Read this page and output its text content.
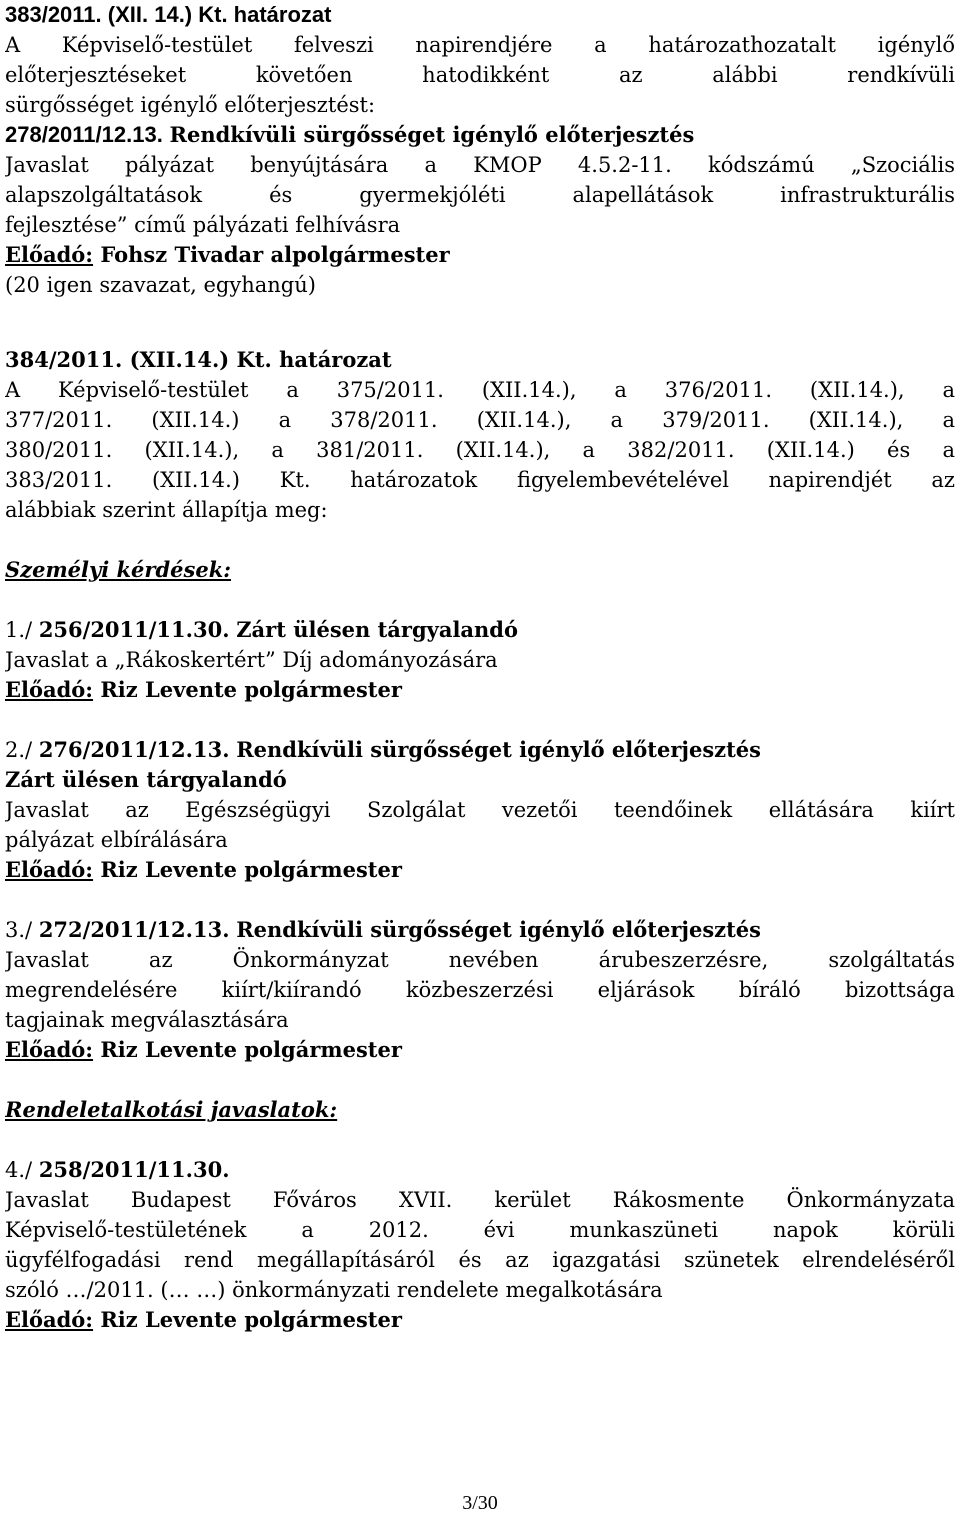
383/2011. (XII. 14.) Kt. határozat
A Képviselő-testület felveszi napirendjére a határozathozatalt igénylő
előterjesztéseket követően hatodikként az alábbi rendkívüli
sürgősséget igénylő előterjesztést:
278/2011/12.13. Rendkívüli sürgősséget igénylő előterjesztés
Javaslat pályázat benyújtására a KMOP 4.5.2-11. kódszámú „Szociális
alapszolgáltatások és gyermekjóléti alapellátások infrastrukturális
fejlesztése” című pályázati felhívásra
Előadó: Fohsz Tivadar alpolgármester
(20 igen szavazat, egyhangú)
384/2011. (XII.14.) Kt. határozat
A Képviselő-testület a 375/2011. (XII.14.), a 376/2011. (XII.14.), a
377/2011. (XII.14.) a 378/2011. (XII.14.), a 379/2011. (XII.14.), a
380/2011. (XII.14.), a 381/2011. (XII.14.), a 382/2011. (XII.14.) és a
383/2011. (XII.14.) Kt. határozatok figyelembevételével napirendjét az
alábbiak szerint állapítja meg:
Személyi kérdések:
1./ 256/2011/11.30. Zárt ülésen tárgyalandó
Javaslat a „Rákoskertért” Díj adományozására
Előadó: Riz Levente polgármester
2./ 276/2011/12.13. Rendkívüli sürgősséget igénylő előterjesztés
Zárt ülésen tárgyalandó
Javaslat az Egészségügyi Szolgálat vezetői teendőinek ellátására kiírt
pályázat elbírálására
Előadó: Riz Levente polgármester
3./ 272/2011/12.13. Rendkívüli sürgősséget igénylő előterjesztés
Javaslat az Önkormányzat nevében árubeszerzésre, szolgáltatás
megrendelésére kiírt/kiírandó közbeszerzési eljárások bíráló bizottsága
tagjainak megválasztására
Előadó: Riz Levente polgármester
Rendeletalkotási javaslatok:
4./ 258/2011/11.30.
Javaslat Budapest Főváros XVII. kerület Rákosmente Önkormányzata
Képviselő-testületének a 2012. évi munkaszüneti napok körüli
ügyfélfogadási rend megállapításáról és az igazgatási szünetek elrendeléséről
szóló …/2011. (… …) önkormányzati rendelete megalkotására
Előadó: Riz Levente polgármester
3/30
